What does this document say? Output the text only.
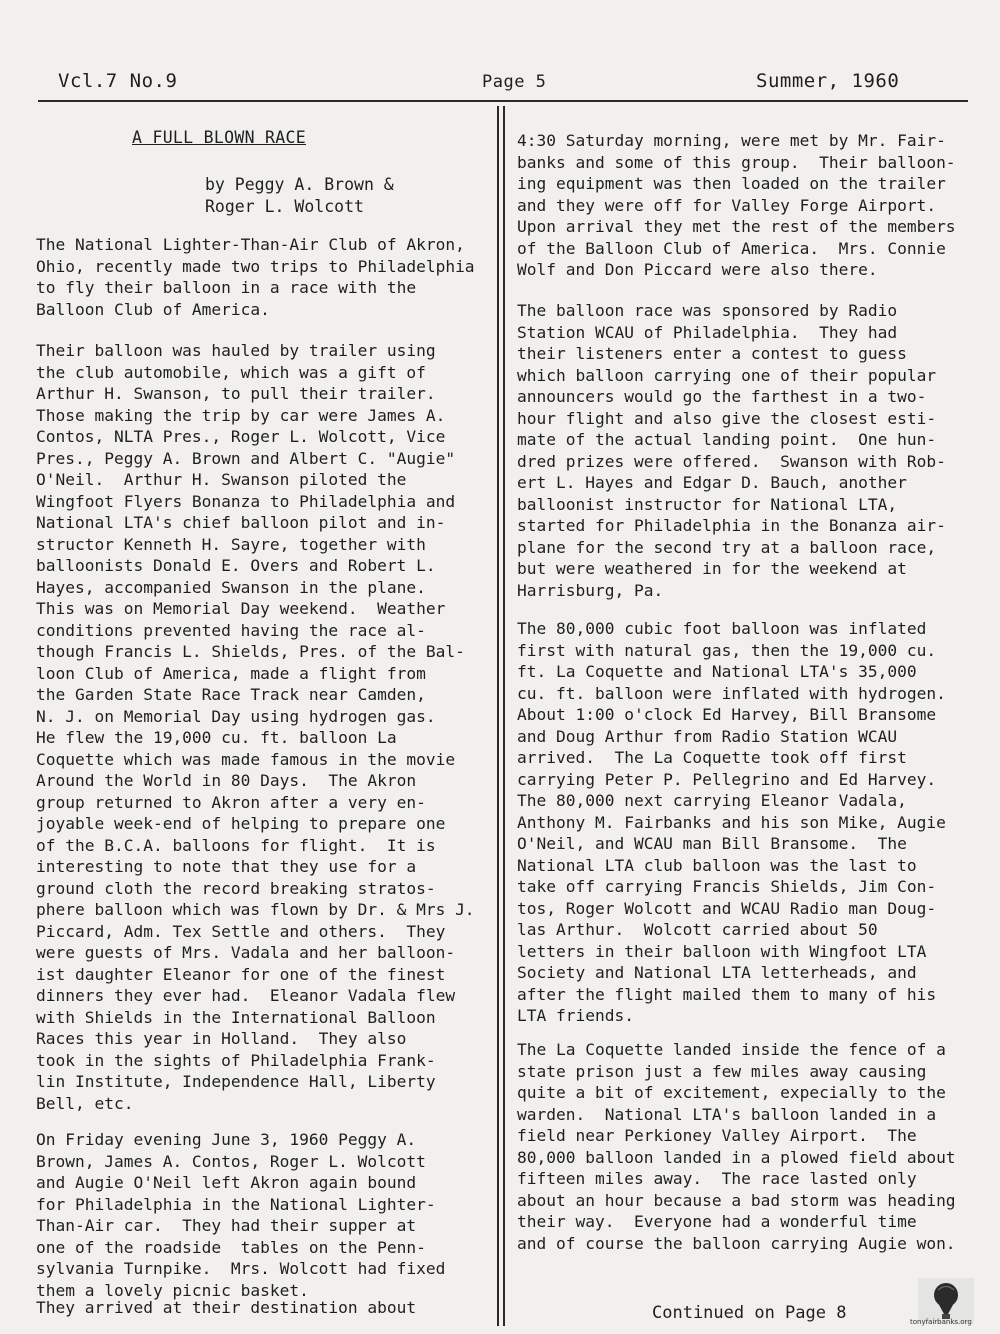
Vcl.7 No.9	Page 5	Summer, 1960
A FULL BLOWN RACE
by Peggy A. Brown &
Roger L. Wolcott

The National Lighter-Than-Air Club of Akron,
Ohio, recently made two trips to Philadelphia
to fly their balloon in a race with the
Balloon Club of America.

Their balloon was hauled by trailer using
the club automobile, which was a gift of
Arthur H. Swanson, to pull their trailer.
Those making the trip by car were James A.
Contos, NLTA Pres., Roger L. Wolcott, Vice
Pres., Peggy A. Brown and Albert C. "Augie"
O'Neil.  Arthur H. Swanson piloted the
Wingfoot Flyers Bonanza to Philadelphia and
National LTA's chief balloon pilot and in-
structor Kenneth H. Sayre, together with
balloonists Donald E. Overs and Robert L.
Hayes, accompanied Swanson in the plane.
This was on Memorial Day weekend.  Weather
conditions prevented having the race al-
though Francis L. Shields, Pres. of the Bal-
loon Club of America, made a flight from
the Garden State Race Track near Camden,
N. J. on Memorial Day using hydrogen gas.
He flew the 19,000 cu. ft. balloon La
Coquette which was made famous in the movie
Around the World in 80 Days.  The Akron
group returned to Akron after a very en-
joyable week-end of helping to prepare one
of the B.C.A. balloons for flight.  It is
interesting to note that they use for a
ground cloth the record breaking stratos-
phere balloon which was flown by Dr. & Mrs J.
Piccard, Adm. Tex Settle and others.  They
were guests of Mrs. Vadala and her balloon-
ist daughter Eleanor for one of the finest
dinners they ever had.  Eleanor Vadala flew
with Shields in the International Balloon
Races this year in Holland.  They also
took in the sights of Philadelphia Frank-
lin Institute, Independence Hall, Liberty
Bell, etc.

On Friday evening June 3, 1960 Peggy A.
Brown, James A. Contos, Roger L. Wolcott
and Augie O'Neil left Akron again bound
for Philadelphia in the National Lighter-
Than-Air car.  They had their supper at
one of the roadside  tables on the Penn-
sylvania Turnpike.  Mrs. Wolcott had fixed
them a lovely picnic basket.

They arrived at their destination about

4:30 Saturday morning, were met by Mr. Fair-
banks and some of this group.  Their balloon-
ing equipment was then loaded on the trailer
and they were off for Valley Forge Airport.
Upon arrival they met the rest of the members
of the Balloon Club of America.  Mrs. Connie
Wolf and Don Piccard were also there.

The balloon race was sponsored by Radio
Station WCAU of Philadelphia.  They had
their listeners enter a contest to guess
which balloon carrying one of their popular
announcers would go the farthest in a two-
hour flight and also give the closest esti-
mate of the actual landing point.  One hun-
dred prizes were offered.  Swanson with Rob-
ert L. Hayes and Edgar D. Bauch, another
balloonist instructor for National LTA,
started for Philadelphia in the Bonanza air-
plane for the second try at a balloon race,
but were weathered in for the weekend at
Harrisburg, Pa.

The 80,000 cubic foot balloon was inflated
first with natural gas, then the 19,000 cu.
ft. La Coquette and National LTA's 35,000
cu. ft. balloon were inflated with hydrogen.
About 1:00 o'clock Ed Harvey, Bill Bransome
and Doug Arthur from Radio Station WCAU
arrived.  The La Coquette took off first
carrying Peter P. Pellegrino and Ed Harvey.
The 80,000 next carrying Eleanor Vadala,
Anthony M. Fairbanks and his son Mike, Augie
O'Neil, and WCAU man Bill Bransome.  The
National LTA club balloon was the last to
take off carrying Francis Shields, Jim Con-
tos, Roger Wolcott and WCAU Radio man Doug-
las Arthur.  Wolcott carried about 50
letters in their balloon with Wingfoot LTA
Society and National LTA letterheads, and
after the flight mailed them to many of his
LTA friends.

The La Coquette landed inside the fence of a
state prison just a few miles away causing
quite a bit of excitement, expecially to the
warden.  National LTA's balloon landed in a
field near Perkioney Valley Airport.  The
80,000 balloon landed in a plowed field about
fifteen miles away.  The race lasted only
about an hour because a bad storm was heading
their way.  Everyone had a wonderful time
and of course the balloon carrying Augie won.

Continued on Page 8	tonyfairbanks.org
